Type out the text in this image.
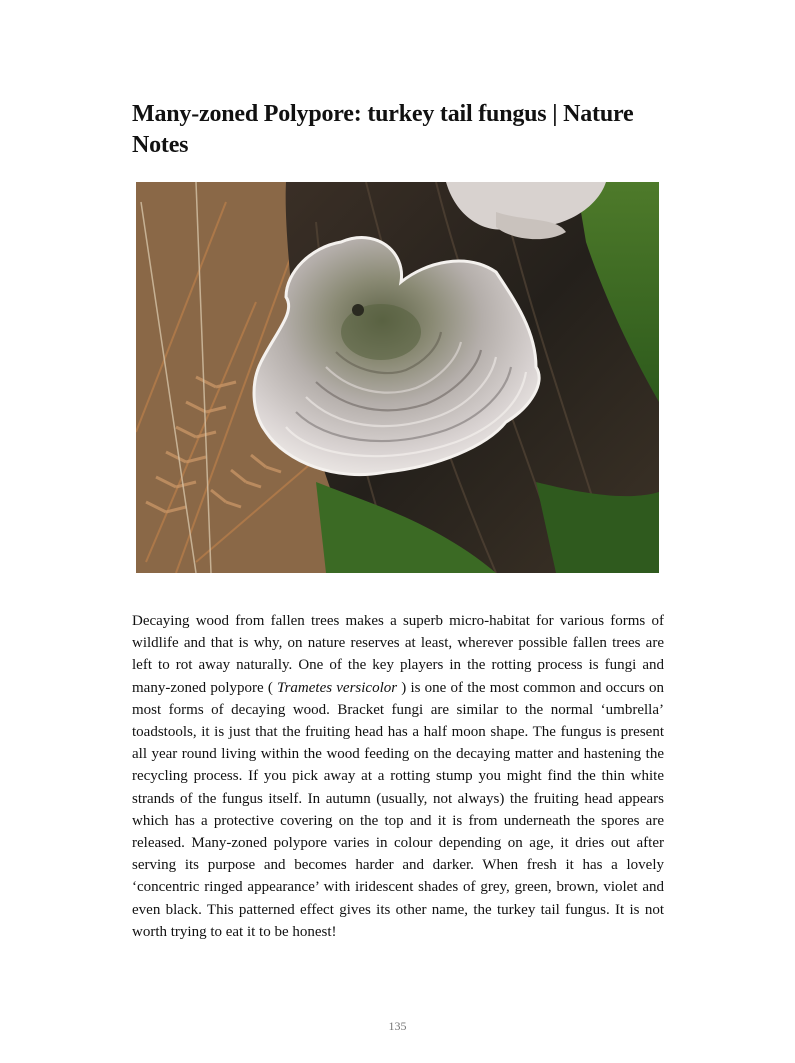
Many-zoned Polypore: turkey tail fungus | Nature Notes

Decaying wood from fallen trees makes a superb micro-habitat for various forms of wildlife and that is why, on nature reserves at least, wherever possible fallen trees are left to rot away naturally. One of the key players in the rotting process is fungi and many-zoned polypore ( Trametes versicolor ) is one of the most common and occurs on most forms of decaying wood. Bracket fungi are similar to the normal ‘umbrella’ toadstools, it is just that the fruiting head has a half moon shape. The fungus is present all year round living within the wood feeding on the decaying matter and hastening the recycling process. If you pick away at a rotting stump you might find the thin white strands of the fungus itself. In autumn (usually, not always) the fruiting head appears which has a protective covering on the top and it is from underneath the spores are released. Many-zoned polypore varies in colour depending on age, it dries out after serving its purpose and becomes harder and darker. When fresh it has a lovely ‘concentric ringed appearance’ with iridescent shades of grey, green, brown, violet and even black. This patterned effect gives its other name, the turkey tail fungus. It is not worth trying to eat it to be honest!

135
